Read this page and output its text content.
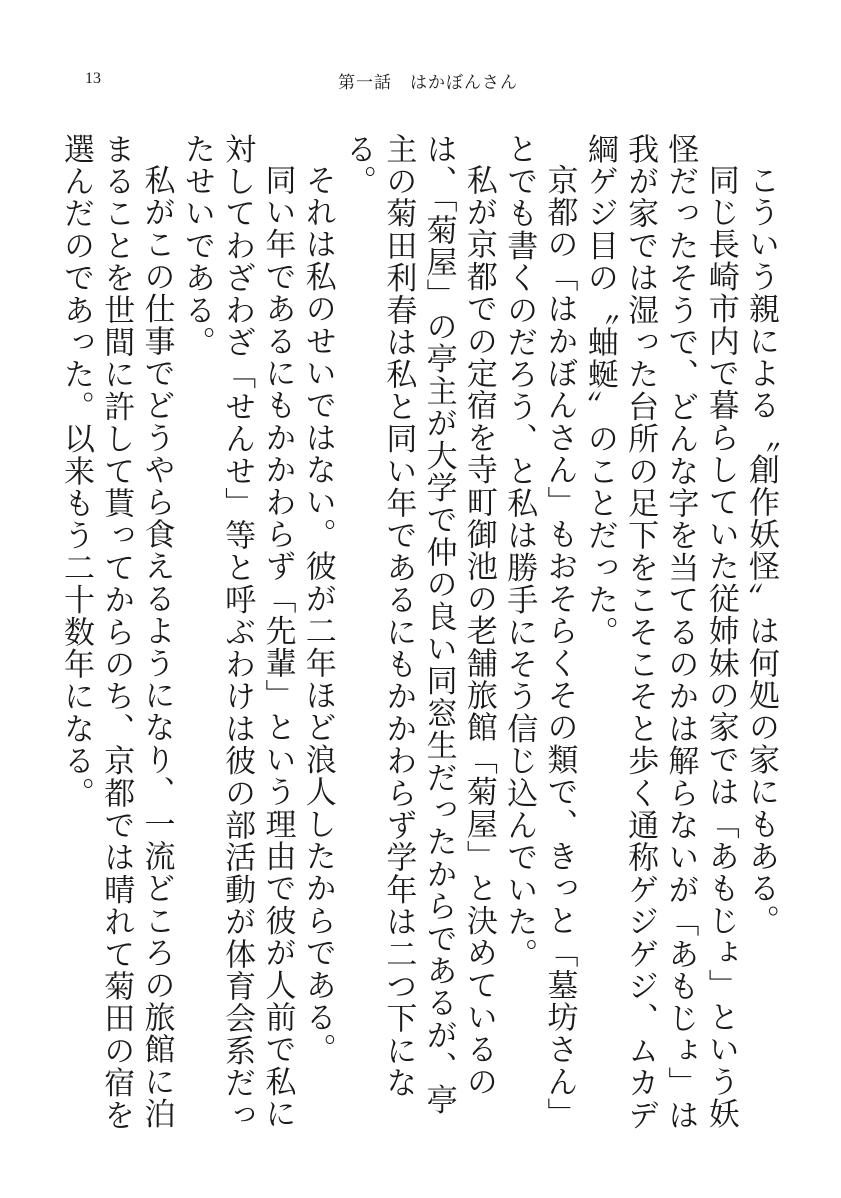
13	第一話　はかぼんさん

こういう親による〝創作妖怪〟は何処の家にもある。

同じ長崎市内で暮らしていた従姉妹の家では「あもじょ」という妖怪だったそうで、どんな字を当てるのかは解らないが「あもじょ」は我が家では湿った台所の足下をこそこそと歩く通称ゲジゲジ、ムカデ綱ゲジ目の〝蚰蜒〟のことだった。

京都の「はかぼんさん」もおそらくその類で、きっと「墓坊さん」とでも書くのだろう、と私は勝手にそう信じ込んでいた。

私が京都での定宿を寺町御池の老舗旅館「菊屋」と決めているのは、「菊屋」の亭主が大学で仲の良い同窓生だったからであるが、亭主の菊田利春は私と同い年であるにもかかわらず学年は二つ下になる。

それは私のせいではない。彼が二年ほど浪人したからである。

同い年であるにもかかわらず「先輩」という理由で彼が人前で私に対してわざわざ「せんせ」等と呼ぶわけは彼の部活動が体育会系だったせいである。

私がこの仕事でどうやら食えるようになり、一流どころの旅館に泊まることを世間に許して貰ってからのち、京都では晴れて菊田の宿を選んだのであった。以来もう二十数年になる。
